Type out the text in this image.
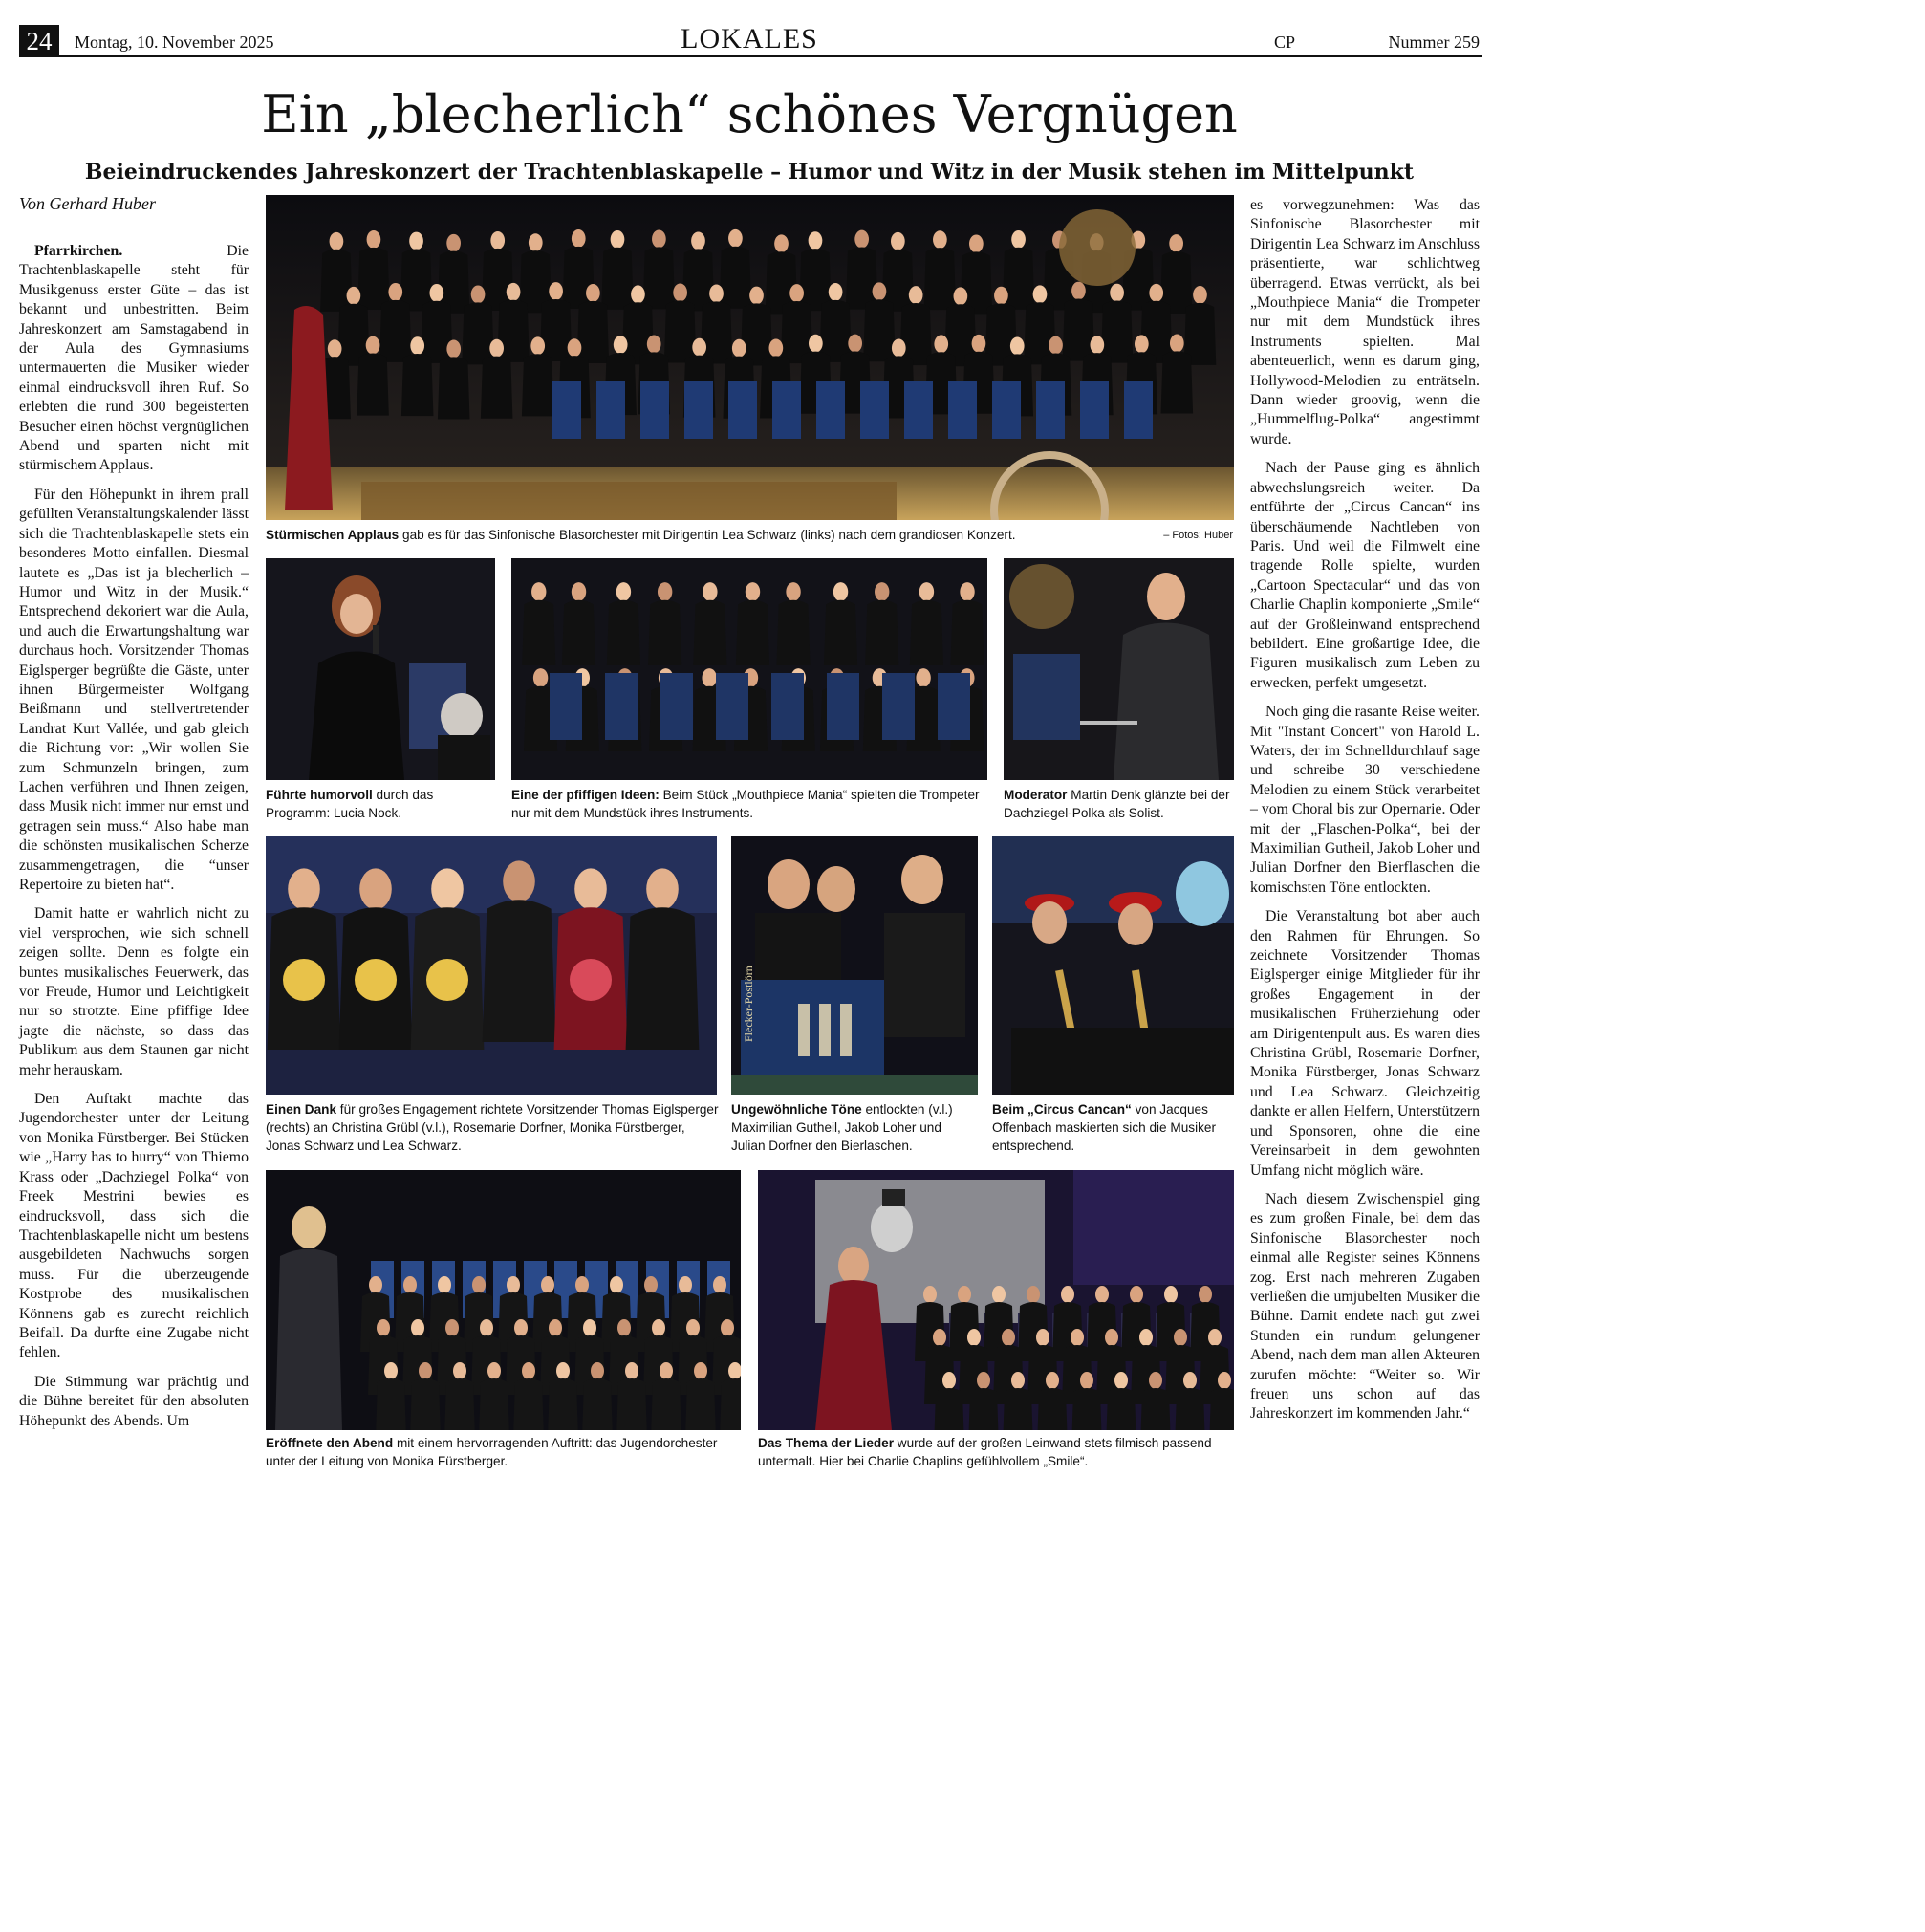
24	Montag, 10. November 2025	LOKALES	CP	Nummer 259
Ein „blecherlich“ schönes Vergnügen
Beieindruckendes Jahreskonzert der Trachtenblaskapelle – Humor und Witz in der Musik stehen im Mittelpunkt
Von Gerhard Huber

Pfarrkirchen.	Die Trachtenblaskapelle steht für Musikgenuss erster Güte – das ist bekannt und unbestritten. Beim Jahreskonzert am Samstagabend in der Aula des Gymnasiums untermauerten die Musiker wieder einmal eindrucksvoll ihren Ruf. So erlebten die rund 300 begeisterten Besucher einen höchst vergnüglichen Abend und sparten nicht mit stürmischem Applaus.

Für den Höhepunkt in ihrem prall gefüllten Veranstaltungskalender lässt sich die Trachtenblaskapelle stets ein besonderes Motto einfallen. Diesmal lautete es „Das ist ja blecherlich – Humor und Witz in der Musik.“ Entsprechend dekoriert war die Aula, und auch die Erwartungshaltung war durchaus hoch. Vorsitzender Thomas Eiglsperger begrüßte die Gäste, unter ihnen Bürgermeister Wolfgang Beißmann und stellvertretender Landrat Kurt Vallée, und gab gleich die Richtung vor: „Wir wollen Sie zum Schmunzeln bringen, zum Lachen verführen und Ihnen zeigen, dass Musik nicht immer nur ernst und getragen sein muss.“ Also habe man die schönsten musikalischen Scherze zusammengetragen, die “unser Repertoire zu bieten hat“.

Damit hatte er wahrlich nicht zu viel versprochen, wie sich schnell zeigen sollte. Denn es folgte ein buntes musikalisches Feuerwerk, das vor Freude, Humor und Leichtigkeit nur so strotzte. Eine pfiffige Idee jagte die nächste, so dass das Publikum aus dem Staunen gar nicht mehr herauskam.

Den Auftakt machte das Jugendorchester unter der Leitung von Monika Fürstberger. Bei Stücken wie „Harry has to hurry“ von Thiemo Krass oder „Dachziegel Polka“ von Freek Mestrini bewies es eindrucksvoll, dass sich die Trachtenblaskapelle nicht um bestens ausgebildeten Nachwuchs sorgen muss. Für die überzeugende Kostprobe des musikalischen Könnens gab es zurecht reichlich Beifall. Da durfte eine Zugabe nicht fehlen.

Die Stimmung war prächtig und die Bühne bereitet für den absoluten Höhepunkt des Abends. Um

es vorwegzunehmen: Was das Sinfonische Blasorchester mit Dirigentin Lea Schwarz im Anschluss präsentierte, war schlichtweg überragend. Etwas verrückt, als bei „Mouthpiece Mania“ die Trompeter nur mit dem Mundstück ihres Instruments spielten. Mal abenteuerlich, wenn es darum ging, Hollywood-Melodien zu enträtseln. Dann wieder groovig, wenn die „Hummelflug-Polka“ angestimmt wurde.

Nach der Pause ging es ähnlich abwechslungsreich weiter. Da entführte der „Circus Cancan“ ins überschäumende Nachtleben von Paris. Und weil die Filmwelt eine tragende Rolle spielte, wurden „Cartoon Spectacular“ und das von Charlie Chaplin komponierte „Smile“ auf der Großleinwand entsprechend bebildert. Eine großartige Idee, die Figuren musikalisch zum Leben zu erwecken, perfekt umgesetzt.

Noch ging die rasante Reise weiter. Mit "Instant Concert" von Harold L. Waters, der im Schnelldurchlauf sage und schreibe 30 verschiedene Melodien zu einem Stück verarbeitet – vom Choral bis zur Opernarie. Oder mit der „Flaschen-Polka“, bei der Maximilian Gutheil, Jakob Loher und Julian Dorfner den Bierflaschen die komischsten Töne entlockten.

Die Veranstaltung bot aber auch den Rahmen für Ehrungen. So zeichnete Vorsitzender Thomas Eiglsperger einige Mitglieder für ihr großes Engagement in der musikalischen Früherziehung oder am Dirigentenpult aus. Es waren dies Christina Grübl, Rosemarie Dorfner, Monika Fürstberger, Jonas Schwarz und Lea Schwarz. Gleichzeitig dankte er allen Helfern, Unterstützern und Sponsoren, ohne die eine Vereinsarbeit in dem gewohnten Umfang nicht möglich wäre.

Nach diesem Zwischenspiel ging es zum großen Finale, bei dem das Sinfonische Blasorchester noch einmal alle Register seines Könnens zog. Erst nach mehreren Zugaben verließen die umjubelten Musiker die Bühne. Damit endete nach gut zwei Stunden ein rundum gelungener Abend, nach dem man allen Akteuren zurufen möchte: “Weiter so. Wir freuen uns schon auf das Jahreskonzert im kommenden Jahr.“

Stürmischen Applaus gab es für das Sinfonische Blasorchester mit Dirigentin Lea Schwarz (links) nach dem grandiosen Konzert.	– Fotos: Huber
Führte humorvoll durch das Programm: Lucia Nock.
Eine der pfiffigen Ideen: Beim Stück „Mouthpiece Mania“ spielten die Trompeter nur mit dem Mundstück ihres Instruments.
Moderator Martin Denk glänzte bei der Dachziegel-Polka als Solist.
Einen Dank für großes Engagement richtete Vorsitzender Thomas Eiglsperger (rechts) an Christina Grübl (v.l.), Rosemarie Dorfner, Monika Fürstberger, Jonas Schwarz und Lea Schwarz.
Flecker-Postlörn
Ungewöhnliche Töne entlockten (v.l.) Maximilian Gutheil, Jakob Loher und Julian Dorfner den Bierlaschen.
Beim „Circus Cancan“ von Jacques Offenbach maskierten sich die Musiker entsprechend.
Eröffnete den Abend mit einem hervorragenden Auftritt: das Jugendorchester unter der Leitung von Monika Fürstberger.
Das Thema der Lieder wurde auf der großen Leinwand stets filmisch passend untermalt. Hier bei Charlie Chaplins gefühlvollem „Smile“.
